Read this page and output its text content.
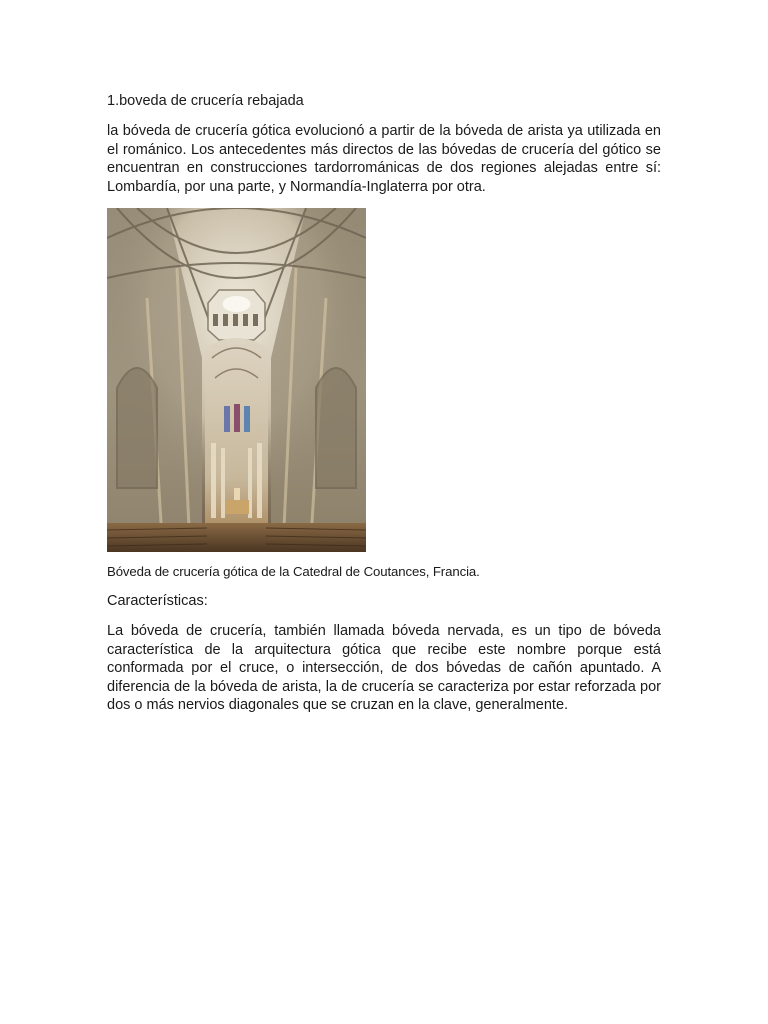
1.boveda de crucería rebajada

la bóveda de crucería gótica evolucionó a partir de la bóveda de arista ya utilizada en el románico. Los antecedentes más directos de las bóvedas de crucería del gótico se encuentran en construcciones tardorrománicas de dos regiones alejadas entre sí: Lombardía, por una parte, y Normandía-Inglaterra por otra.

Bóveda de crucería gótica de la Catedral de Coutances, Francia.
Características:

La bóveda de crucería, también llamada bóveda nervada, es un tipo de bóveda característica de la arquitectura gótica que recibe este nombre porque está conformada por el cruce, o intersección, de dos bóvedas de cañón apuntado. A diferencia de la bóveda de arista, la de crucería se caracteriza por estar reforzada por dos o más nervios diagonales que se cruzan en la clave, generalmente.
